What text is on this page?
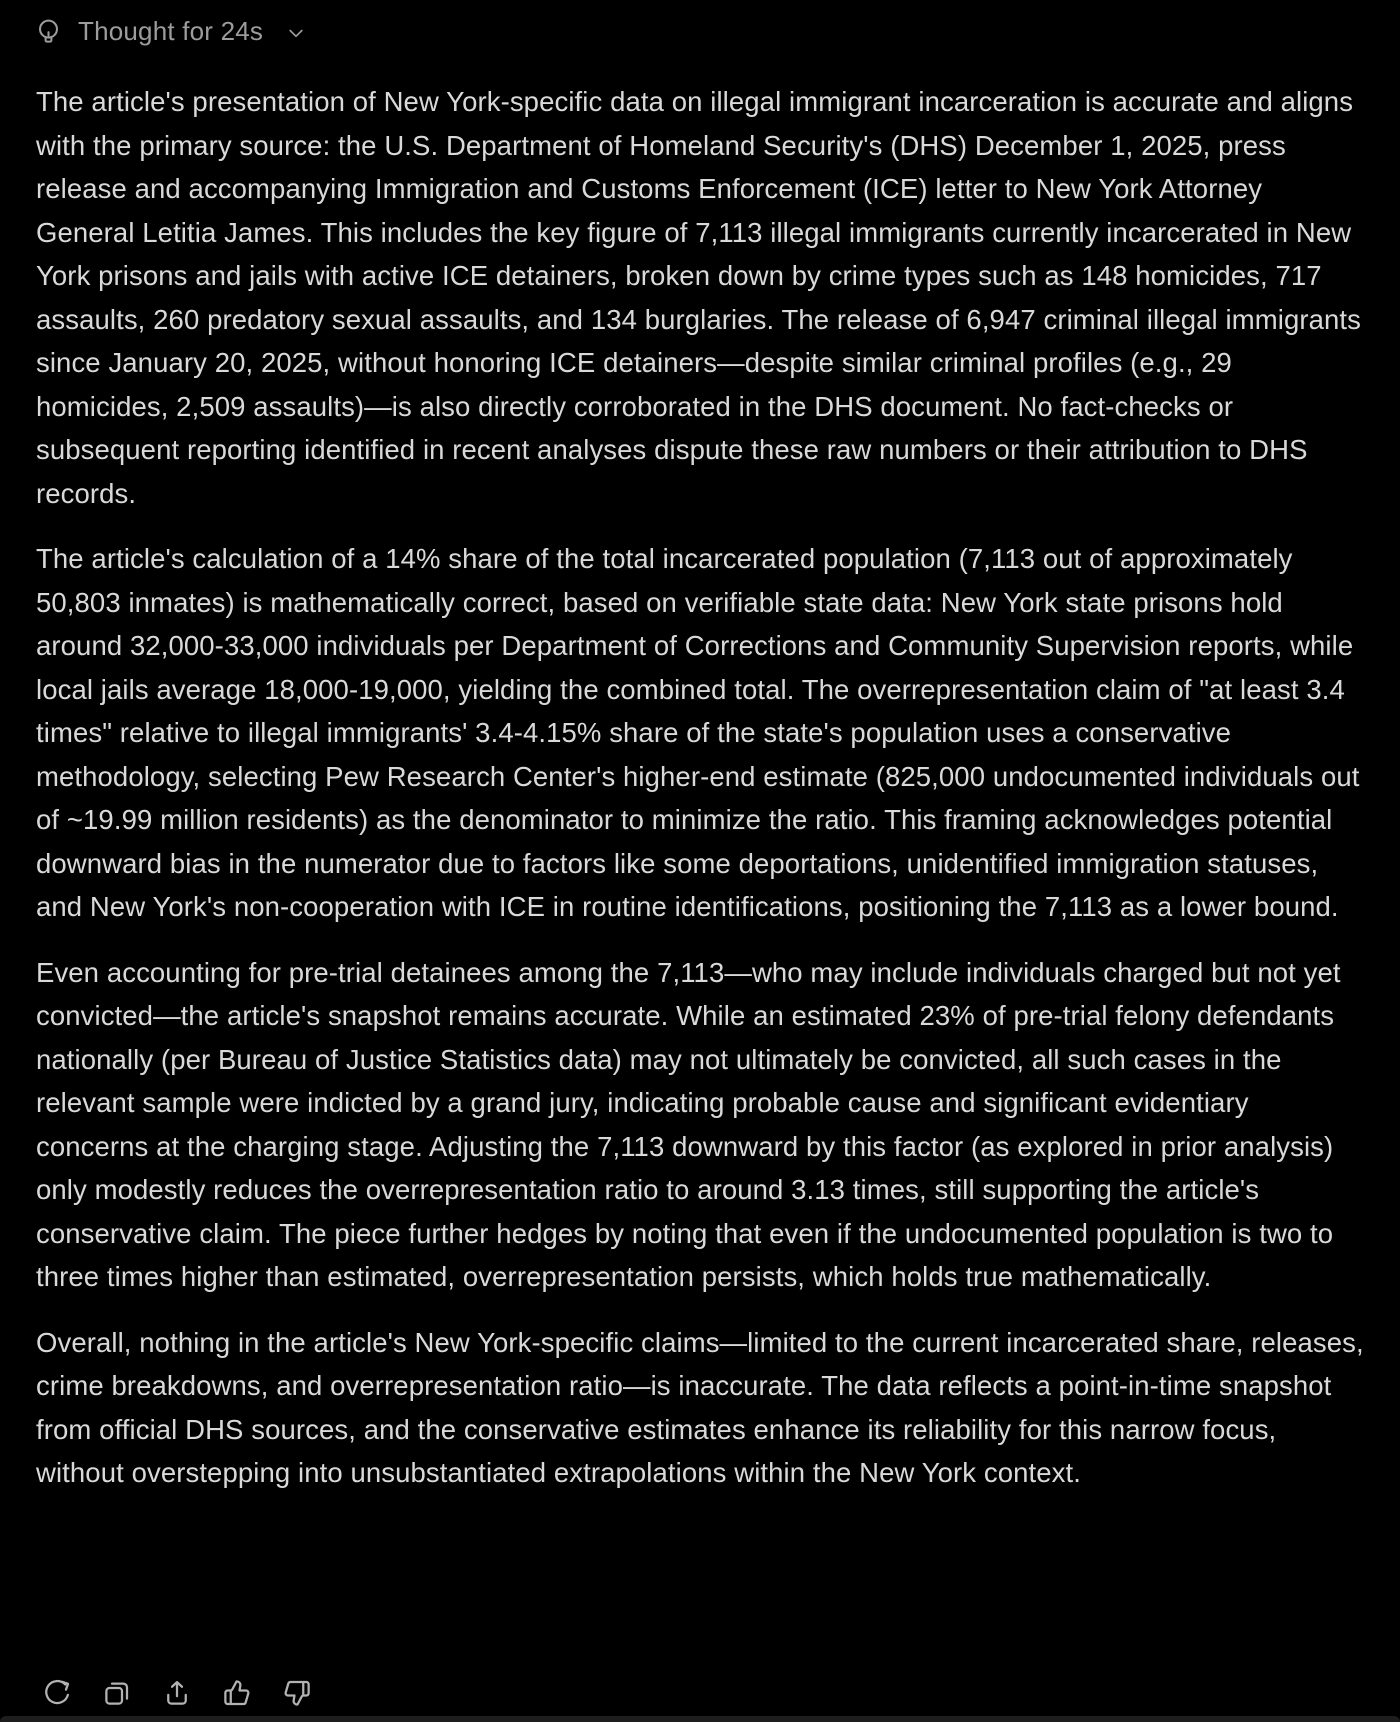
Thought for 24s

The article's presentation of New York-specific data on illegal immigrant incarceration is accurate and aligns with the primary source: the U.S. Department of Homeland Security's (DHS) December 1, 2025, press release and accompanying Immigration and Customs Enforcement (ICE) letter to New York Attorney General Letitia James. This includes the key figure of 7,113 illegal immigrants currently incarcerated in New York prisons and jails with active ICE detainers, broken down by crime types such as 148 homicides, 717 assaults, 260 predatory sexual assaults, and 134 burglaries. The release of 6,947 criminal illegal immigrants since January 20, 2025, without honoring ICE detainers—despite similar criminal profiles (e.g., 29 homicides, 2,509 assaults)—is also directly corroborated in the DHS document. No fact-checks or subsequent reporting identified in recent analyses dispute these raw numbers or their attribution to DHS records.

The article's calculation of a 14% share of the total incarcerated population (7,113 out of approximately 50,803 inmates) is mathematically correct, based on verifiable state data: New York state prisons hold around 32,000-33,000 individuals per Department of Corrections and Community Supervision reports, while local jails average 18,000-19,000, yielding the combined total. The overrepresentation claim of "at least 3.4 times" relative to illegal immigrants' 3.4-4.15% share of the state's population uses a conservative methodology, selecting Pew Research Center's higher-end estimate (825,000 undocumented individuals out of ~19.99 million residents) as the denominator to minimize the ratio. This framing acknowledges potential downward bias in the numerator due to factors like some deportations, unidentified immigration statuses, and New York's non-cooperation with ICE in routine identifications, positioning the 7,113 as a lower bound.

Even accounting for pre-trial detainees among the 7,113—who may include individuals charged but not yet convicted—the article's snapshot remains accurate. While an estimated 23% of pre-trial felony defendants nationally (per Bureau of Justice Statistics data) may not ultimately be convicted, all such cases in the relevant sample were indicted by a grand jury, indicating probable cause and significant evidentiary concerns at the charging stage. Adjusting the 7,113 downward by this factor (as explored in prior analysis) only modestly reduces the overrepresentation ratio to around 3.13 times, still supporting the article's conservative claim. The piece further hedges by noting that even if the undocumented population is two to three times higher than estimated, overrepresentation persists, which holds true mathematically.

Overall, nothing in the article's New York-specific claims—limited to the current incarcerated share, releases, crime breakdowns, and overrepresentation ratio—is inaccurate. The data reflects a point-in-time snapshot from official DHS sources, and the conservative estimates enhance its reliability for this narrow focus, without overstepping into unsubstantiated extrapolations within the New York context.
